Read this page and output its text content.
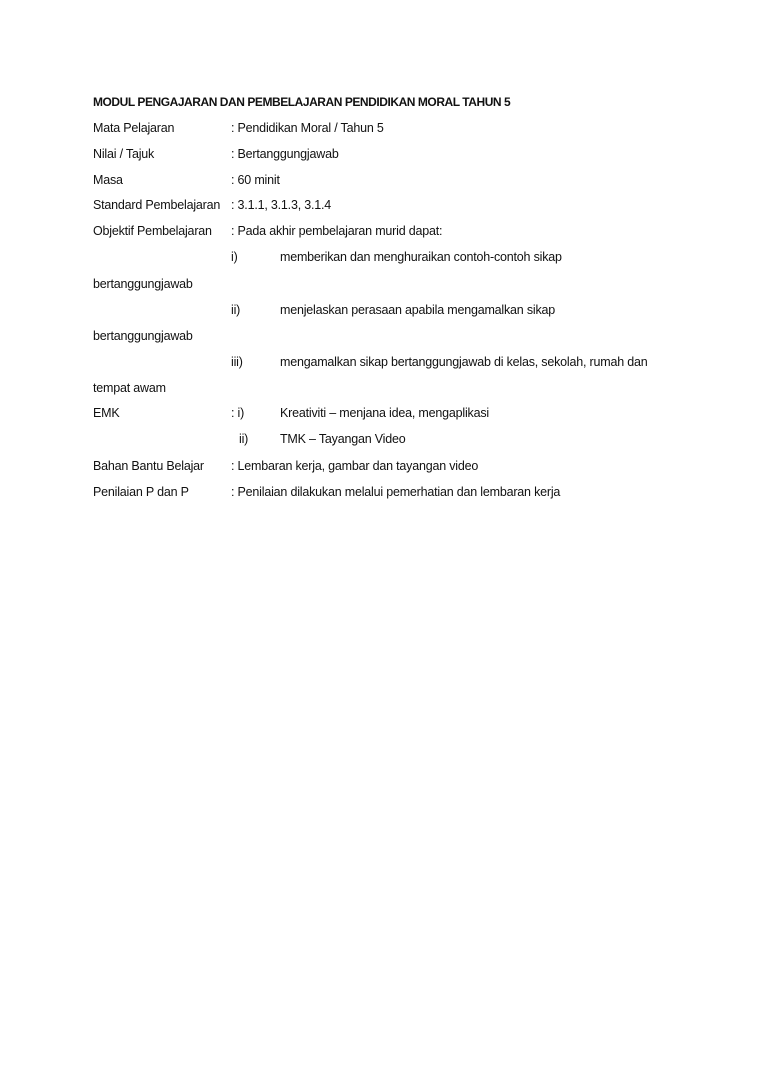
MODUL PENGAJARAN DAN PEMBELAJARAN PENDIDIKAN MORAL TAHUN 5
Mata Pelajaran	: Pendidikan Moral / Tahun 5
Nilai / Tajuk	: Bertanggungjawab
Masa	: 60 minit
Standard Pembelajaran : 3.1.1, 3.1.3, 3.1.4
Objektif Pembelajaran : Pada akhir pembelajaran murid dapat:
i)	memberikan dan menghuraikan contoh-contoh sikap
bertanggungjawab
ii)	menjelaskan perasaan apabila mengamalkan sikap
bertanggungjawab
iii)	mengamalkan sikap bertanggungjawab di kelas, sekolah, rumah dan
tempat awam
EMK	: i)	Kreativiti – menjana idea, mengaplikasi
ii)	TMK – Tayangan Video
Bahan Bantu Belajar : Lembaran kerja, gambar dan tayangan video
Penilaian P dan P	: Penilaian dilakukan melalui pemerhatian dan lembaran kerja
